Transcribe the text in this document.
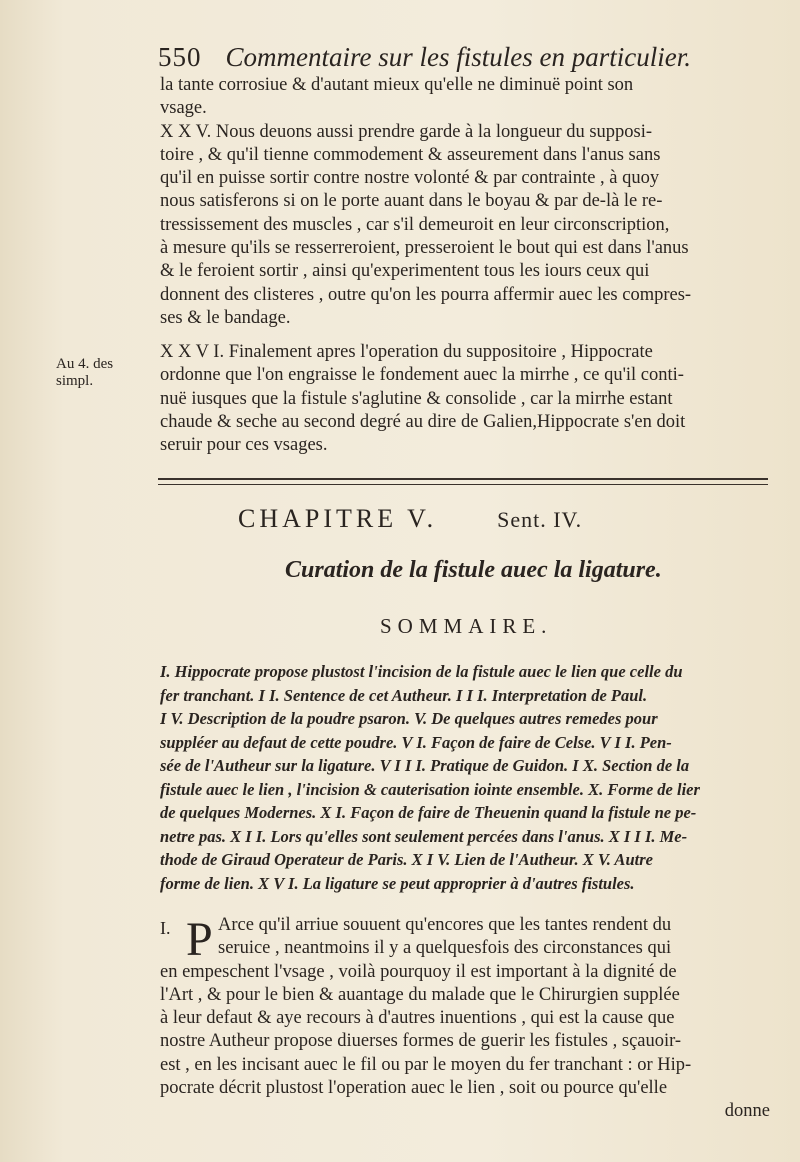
550 Commentaire sur les fistules en particulier.
la tante corrosiue & d'autant mieux qu'elle ne diminuë point son
vsage.
X X V. Nous deuons aussi prendre garde à la longueur du supposi-
toire , & qu'il tienne commodement & asseurement dans l'anus sans
qu'il en puisse sortir contre nostre volonté & par contrainte , à quoy
nous satisferons si on le porte auant dans le boyau & par de-là le re-
tressissement des muscles , car s'il demeuroit en leur circonscription,
à mesure qu'ils se resserreroient, presseroient le bout qui est dans l'anus
& le feroient sortir , ainsi qu'experimentent tous les iours ceux qui
donnent des clisteres , outre qu'on les pourra affermir auec les compres-
ses & le bandage.
Au 4. des
simpl.
X X V I. Finalement apres l'operation du suppositoire , Hippocrate
ordonne que l'on engraisse le fondement auec la mirrhe , ce qu'il conti-
nuë iusques que la fistule s'aglutine & consolide , car la mirrhe estant
chaude & seche au second degré au dire de Galien,Hippocrate s'en doit
seruir pour ces vsages.
CHAPITRE V.	Sent. IV.
Curation de la fistule auec la ligature.
SOMMAIRE.
I. Hippocrate propose plustost l'incision de la fistule auec le lien que celle du
fer tranchant. I I. Sentence de cet Autheur. I I I. Interpretation de Paul.
I V. Description de la poudre psaron. V. De quelques autres remedes pour
suppléer au defaut de cette poudre. V I. Façon de faire de Celse. V I I. Pen-
sée de l'Autheur sur la ligature. V I I I. Pratique de Guidon. I X. Section de la
fistule auec le lien , l'incision & cauterisation iointe ensemble. X. Forme de lier
de quelques Modernes. X I. Façon de faire de Theuenin quand la fistule ne pe-
netre pas. X I I. Lors qu'elles sont seulement percées dans l'anus. X I I I. Me-
thode de Giraud Operateur de Paris. X I V. Lien de l'Autheur. X V. Autre
forme de lien. X V I. La ligature se peut approprier à d'autres fistules.
I. P Arce qu'il arriue souuent qu'encores que les tantes rendent du
seruice , neantmoins il y a quelquesfois des circonstances qui
en empeschent l'vsage , voilà pourquoy il est important à la dignité de
l'Art , & pour le bien & auantage du malade que le Chirurgien supplée
à leur defaut & aye recours à d'autres inuentions , qui est la cause que
nostre Autheur propose diuerses formes de guerir les fistules , sçauoir-
est , en les incisant auec le fil ou par le moyen du fer tranchant : or Hip-
pocrate décrit plustost l'operation auec le lien , soit ou pource qu'elle
donne
